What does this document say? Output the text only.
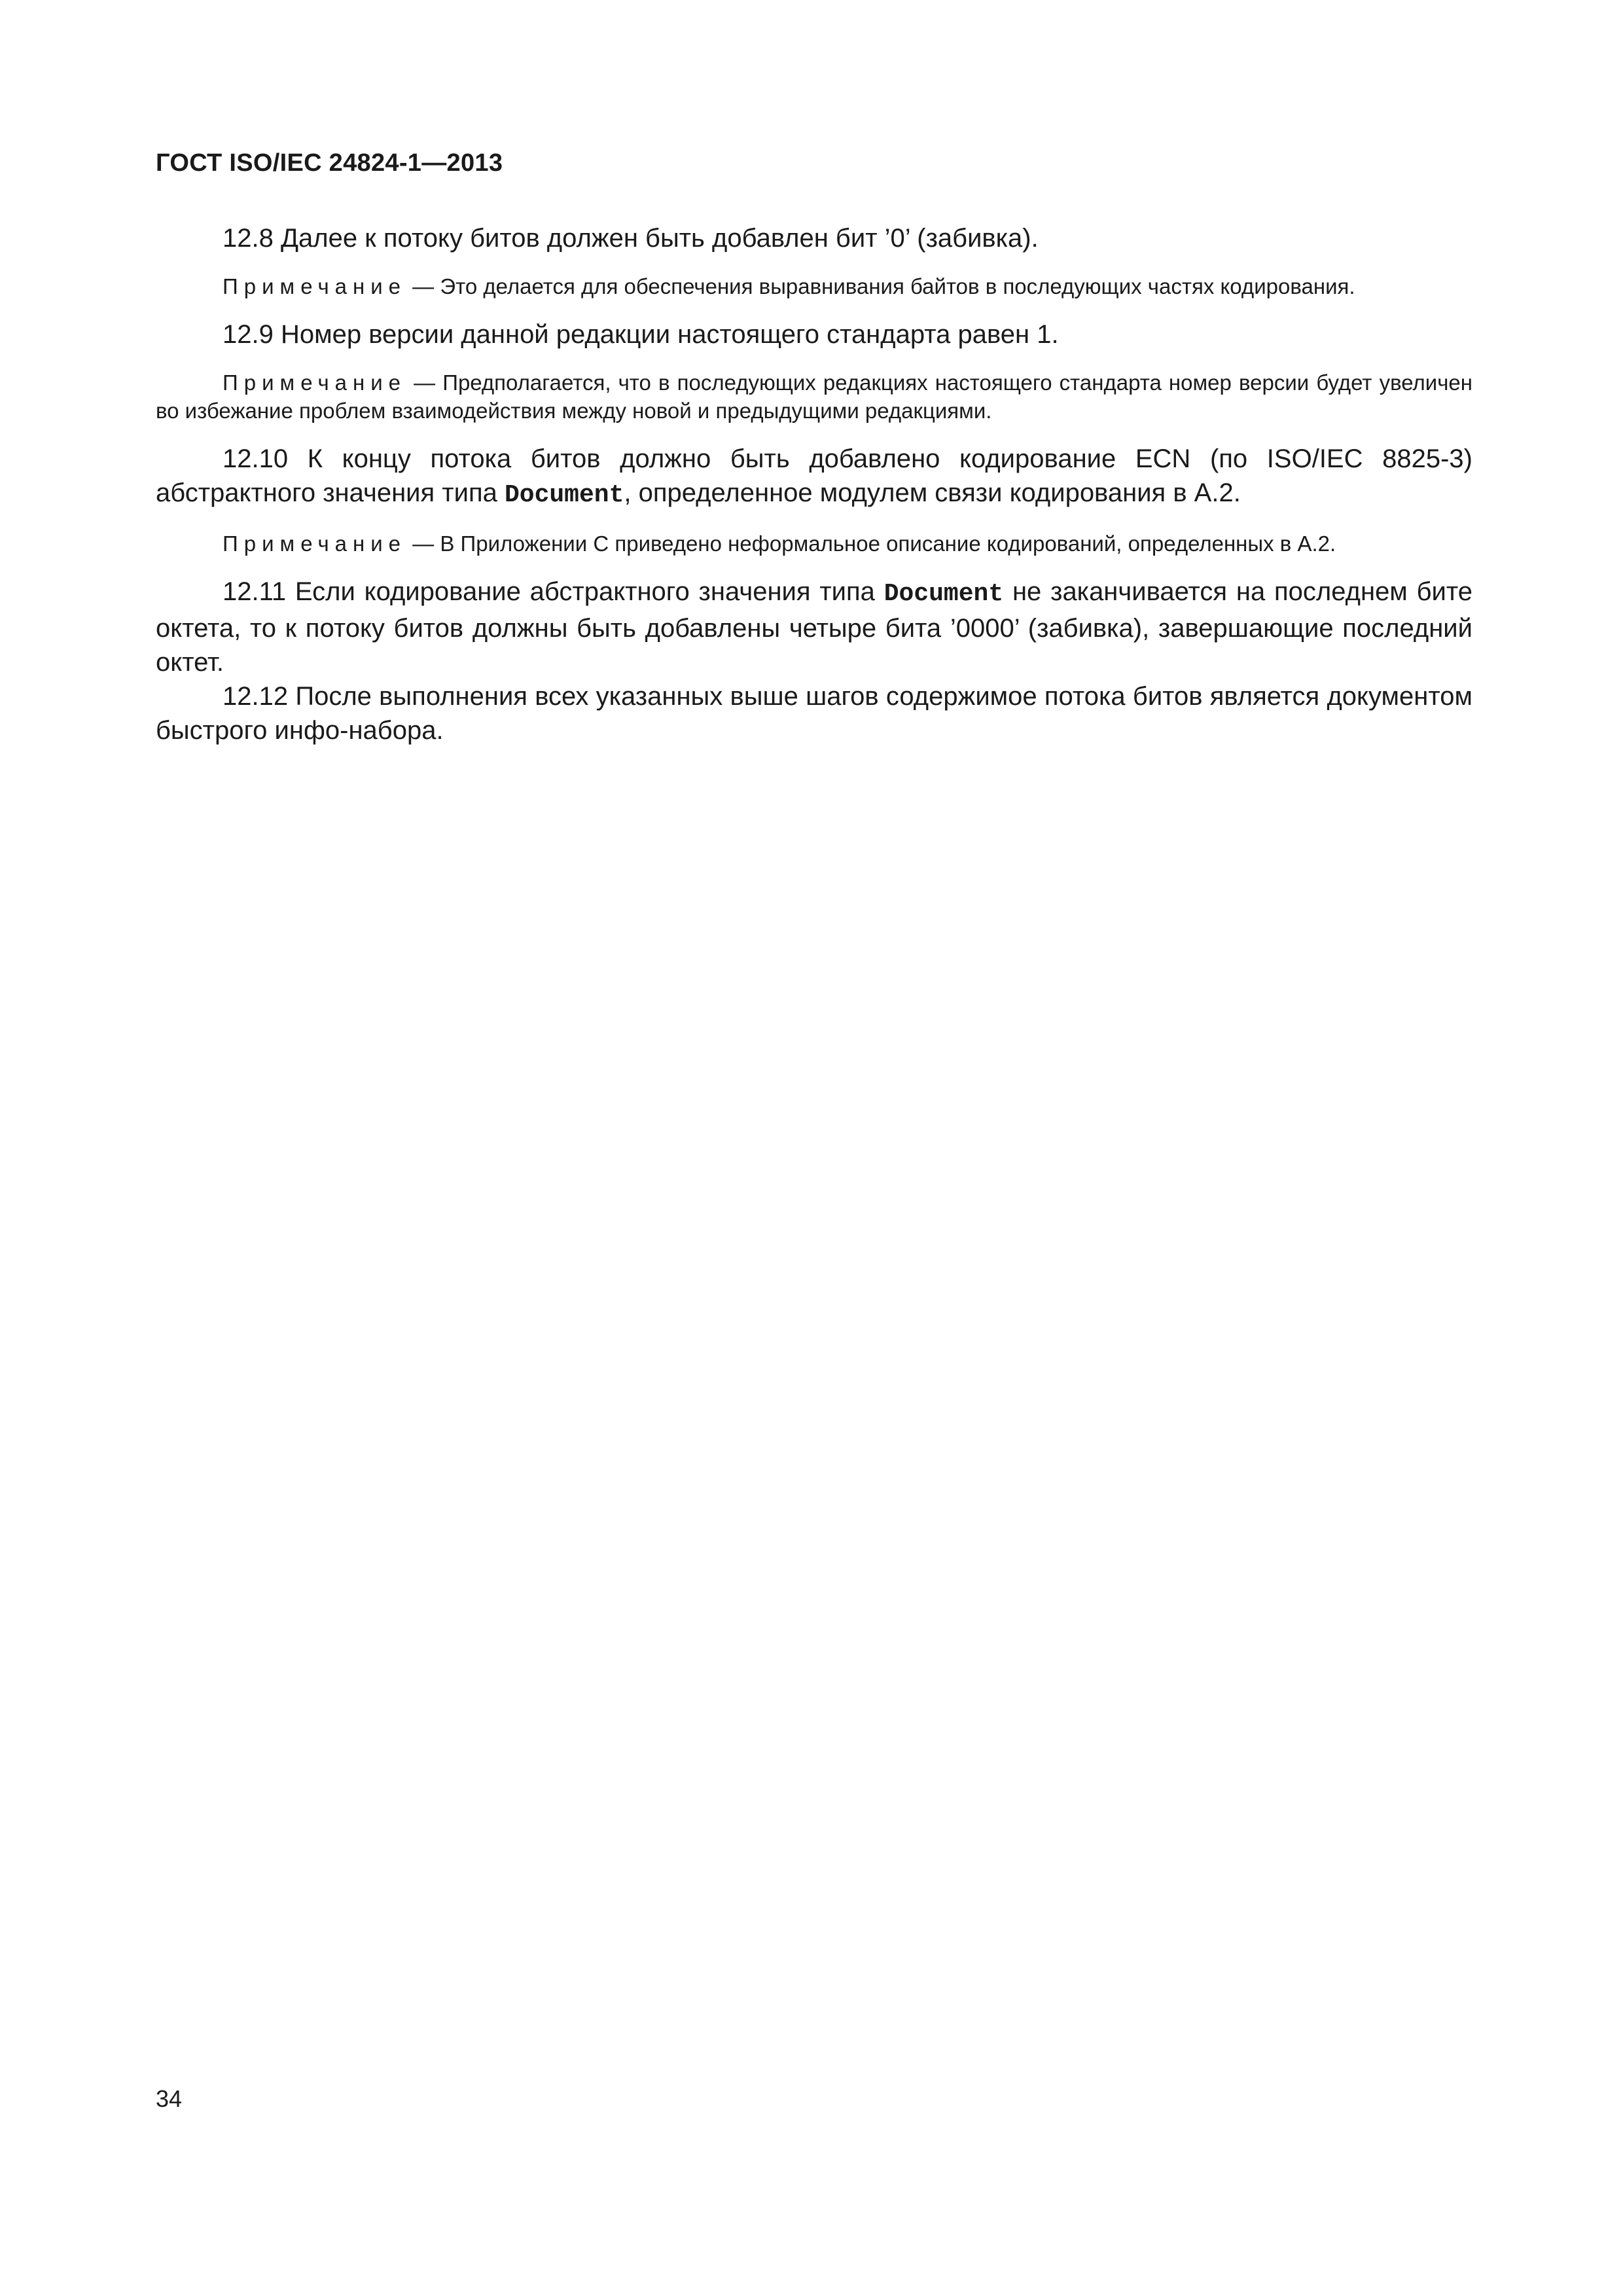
ГОСТ ISO/IEC 24824-1—2013

12.8 Далее к потоку битов должен быть добавлен бит ’0’ (забивка).

Примечание — Это делается для обеспечения выравнивания байтов в последующих частях кодирования.

12.9 Номер версии данной редакции настоящего стандарта равен 1.

Примечание — Предполагается, что в последующих редакциях настоящего стандарта номер версии будет увеличен во избежание проблем взаимодействия между новой и предыдущими редакциями.

12.10 К концу потока битов должно быть добавлено кодирование ECN (по ISO/IEC 8825-3) абстрактного значения типа Document, определенное модулем связи кодирования в А.2.

Примечание — В Приложении С приведено неформальное описание кодирований, определенных в А.2.

12.11 Если кодирование абстрактного значения типа Document не заканчивается на последнем бите октета, то к потоку битов должны быть добавлены четыре бита ’0000’ (забивка), завершающие последний октет.

12.12 После выполнения всех указанных выше шагов содержимое потока битов является документом быстрого инфо-набора.

34
